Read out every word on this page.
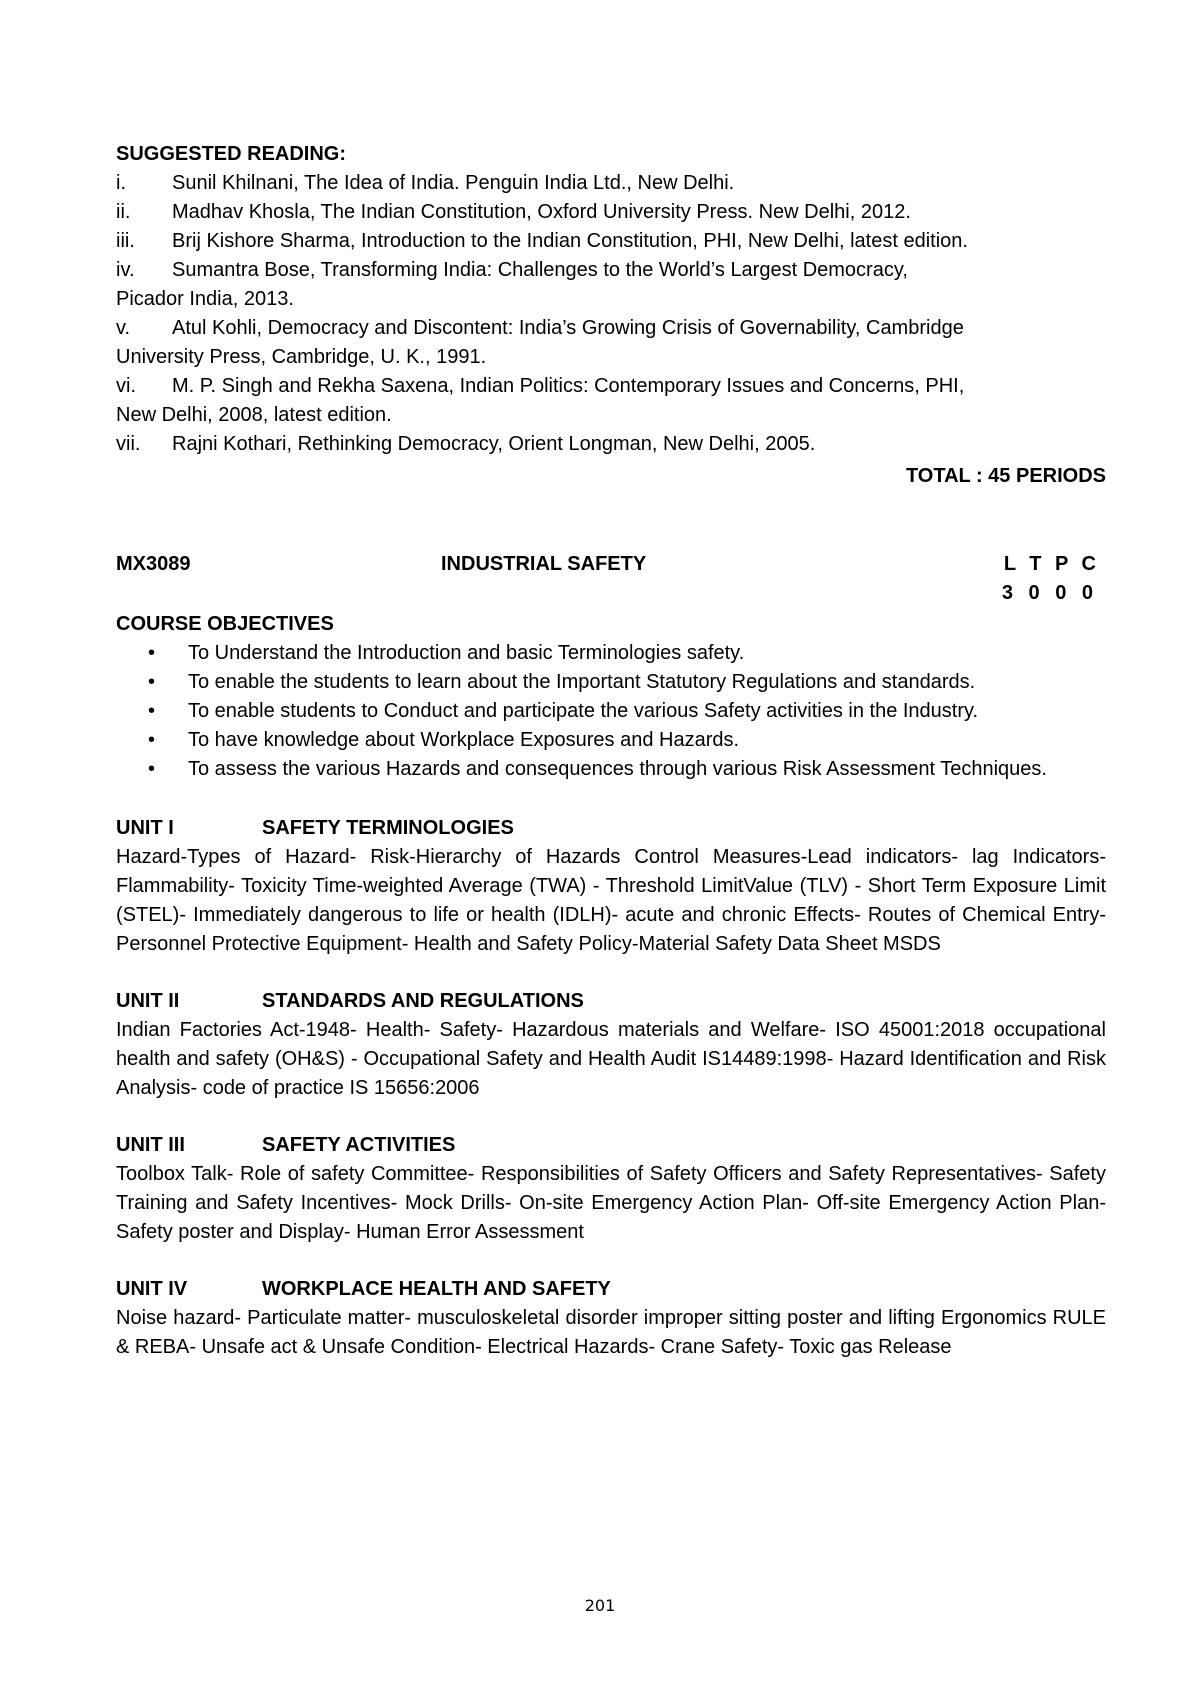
SUGGESTED READING:
i.	Sunil Khilnani, The Idea of India. Penguin India Ltd., New Delhi.
ii.	Madhav Khosla, The Indian Constitution, Oxford University Press. New Delhi, 2012.
iii.	Brij Kishore Sharma, Introduction to the Indian Constitution, PHI, New Delhi, latest edition.
iv.	Sumantra Bose, Transforming India: Challenges to the World’s Largest Democracy,
Picador India, 2013.
v.	Atul Kohli, Democracy and Discontent: India’s Growing Crisis of Governability, Cambridge
University Press, Cambridge, U. K., 1991.
vi.	M. P. Singh and Rekha Saxena, Indian Politics: Contemporary Issues and Concerns, PHI,
New Delhi, 2008, latest edition.
vii.	Rajni Kothari, Rethinking Democracy, Orient Longman, New Delhi, 2005.
TOTAL : 45 PERIODS
MX3089	INDUSTRIAL SAFETY	L T P C
3 0 0 0
COURSE OBJECTIVES
• To Understand the Introduction and basic Terminologies safety.
• To enable the students to learn about the Important Statutory Regulations and standards.
• To enable students to Conduct and participate the various Safety activities in the Industry.
• To have knowledge about Workplace Exposures and Hazards.
• To assess the various Hazards and consequences through various Risk Assessment Techniques.
UNIT I	SAFETY TERMINOLOGIES
Hazard-Types of Hazard- Risk-Hierarchy of Hazards Control Measures-Lead indicators- lag Indicators-Flammability- Toxicity Time-weighted Average (TWA) - Threshold LimitValue (TLV) - Short Term Exposure Limit (STEL)- Immediately dangerous to life or health (IDLH)- acute and chronic Effects- Routes of Chemical Entry-Personnel Protective Equipment- Health and Safety Policy-Material Safety Data Sheet MSDS
UNIT II	STANDARDS AND REGULATIONS
Indian Factories Act-1948- Health- Safety- Hazardous materials and Welfare- ISO 45001:2018 occupational health and safety (OH&S) - Occupational Safety and Health Audit IS14489:1998- Hazard Identification and Risk Analysis- code of practice IS 15656:2006
UNIT III	SAFETY ACTIVITIES
Toolbox Talk- Role of safety Committee- Responsibilities of Safety Officers and Safety Representatives- Safety Training and Safety Incentives- Mock Drills- On-site Emergency Action Plan- Off-site Emergency Action Plan- Safety poster and Display- Human Error Assessment
UNIT IV	WORKPLACE HEALTH AND SAFETY
Noise hazard- Particulate matter- musculoskeletal disorder improper sitting poster and lifting Ergonomics RULE & REBA- Unsafe act & Unsafe Condition- Electrical Hazards- Crane Safety- Toxic gas Release
201
